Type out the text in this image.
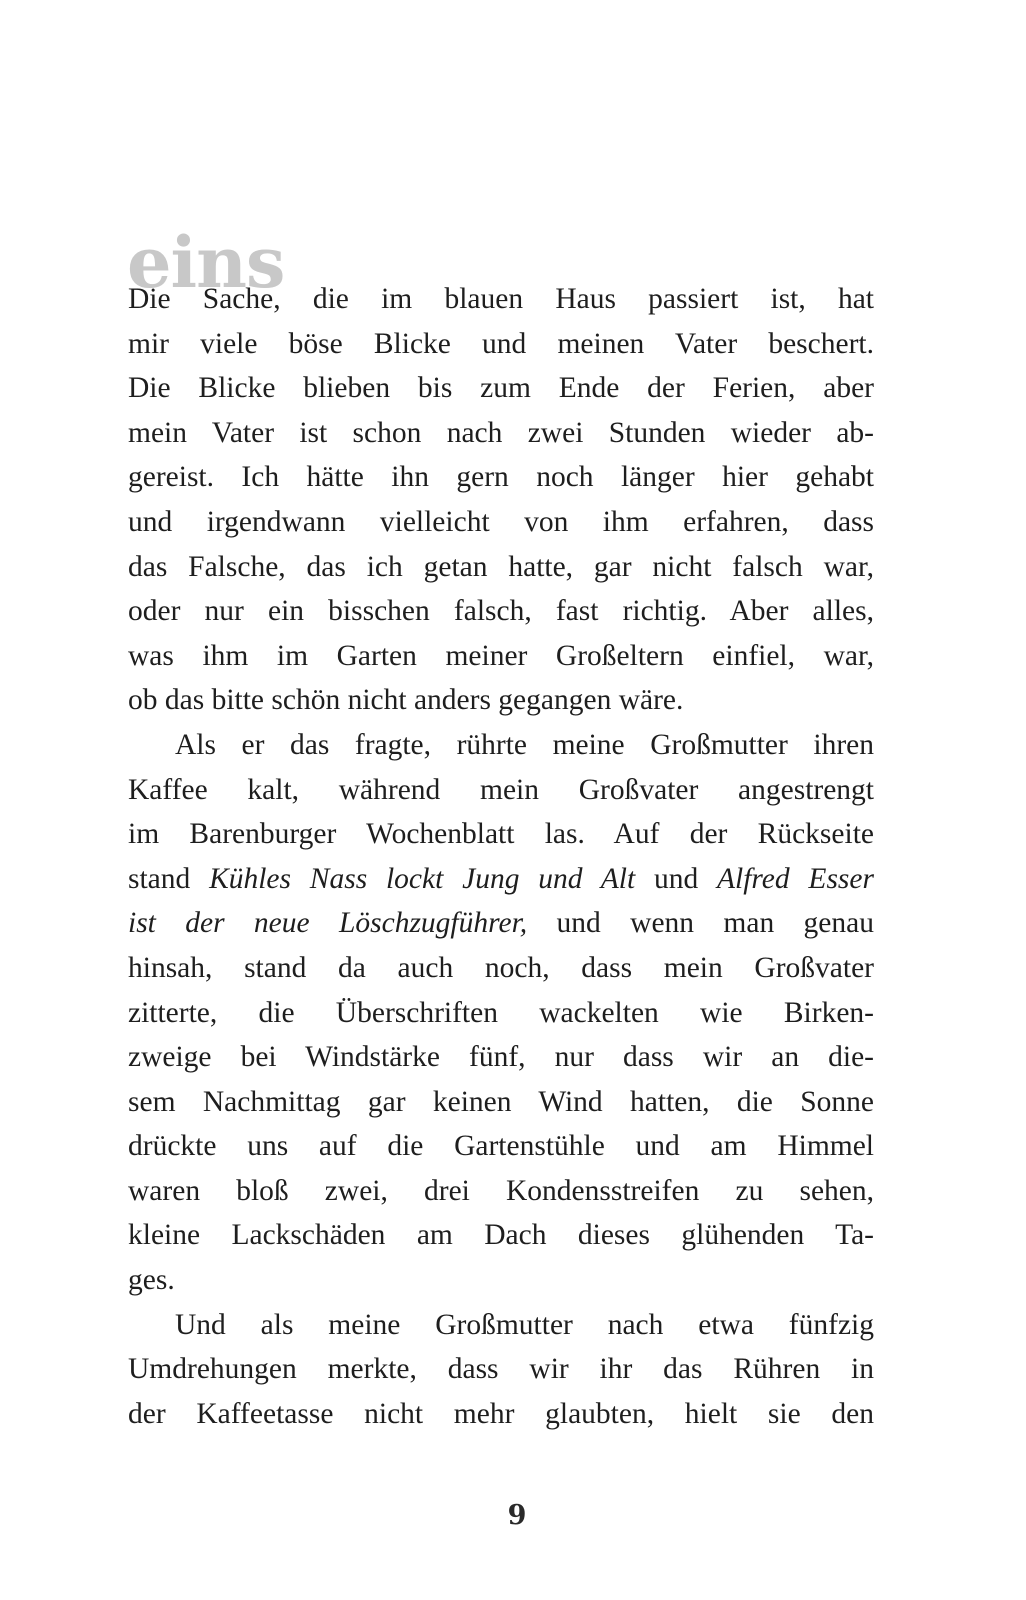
eins
Die Sache, die im blauen Haus passiert ist, hat
mir viele böse Blicke und meinen Vater beschert.
Die Blicke blieben bis zum Ende der Ferien, aber
mein Vater ist schon nach zwei Stunden wieder ab-
gereist. Ich hätte ihn gern noch länger hier gehabt
und irgendwann vielleicht von ihm erfahren, dass
das Falsche, das ich getan hatte, gar nicht falsch war,
oder nur ein bisschen falsch, fast richtig. Aber alles,
was ihm im Garten meiner Großeltern einfiel, war,
ob das bitte schön nicht anders gegangen wäre.
Als er das fragte, rührte meine Großmutter ihren
Kaffee kalt, während mein Großvater angestrengt
im Barenburger Wochenblatt las. Auf der Rückseite
stand Kühles Nass lockt Jung und Alt und Alfred Esser
ist der neue Löschzugführer, und wenn man genau
hinsah, stand da auch noch, dass mein Großvater
zitterte, die Überschriften wackelten wie Birken-
zweige bei Windstärke fünf, nur dass wir an die-
sem Nachmittag gar keinen Wind hatten, die Sonne
drückte uns auf die Gartenstühle und am Himmel
waren bloß zwei, drei Kondensstreifen zu sehen,
kleine Lackschäden am Dach dieses glühenden Ta-
ges.
Und als meine Großmutter nach etwa fünfzig
Umdrehungen merkte, dass wir ihr das Rühren in
der Kaffeetasse nicht mehr glaubten, hielt sie den

9
